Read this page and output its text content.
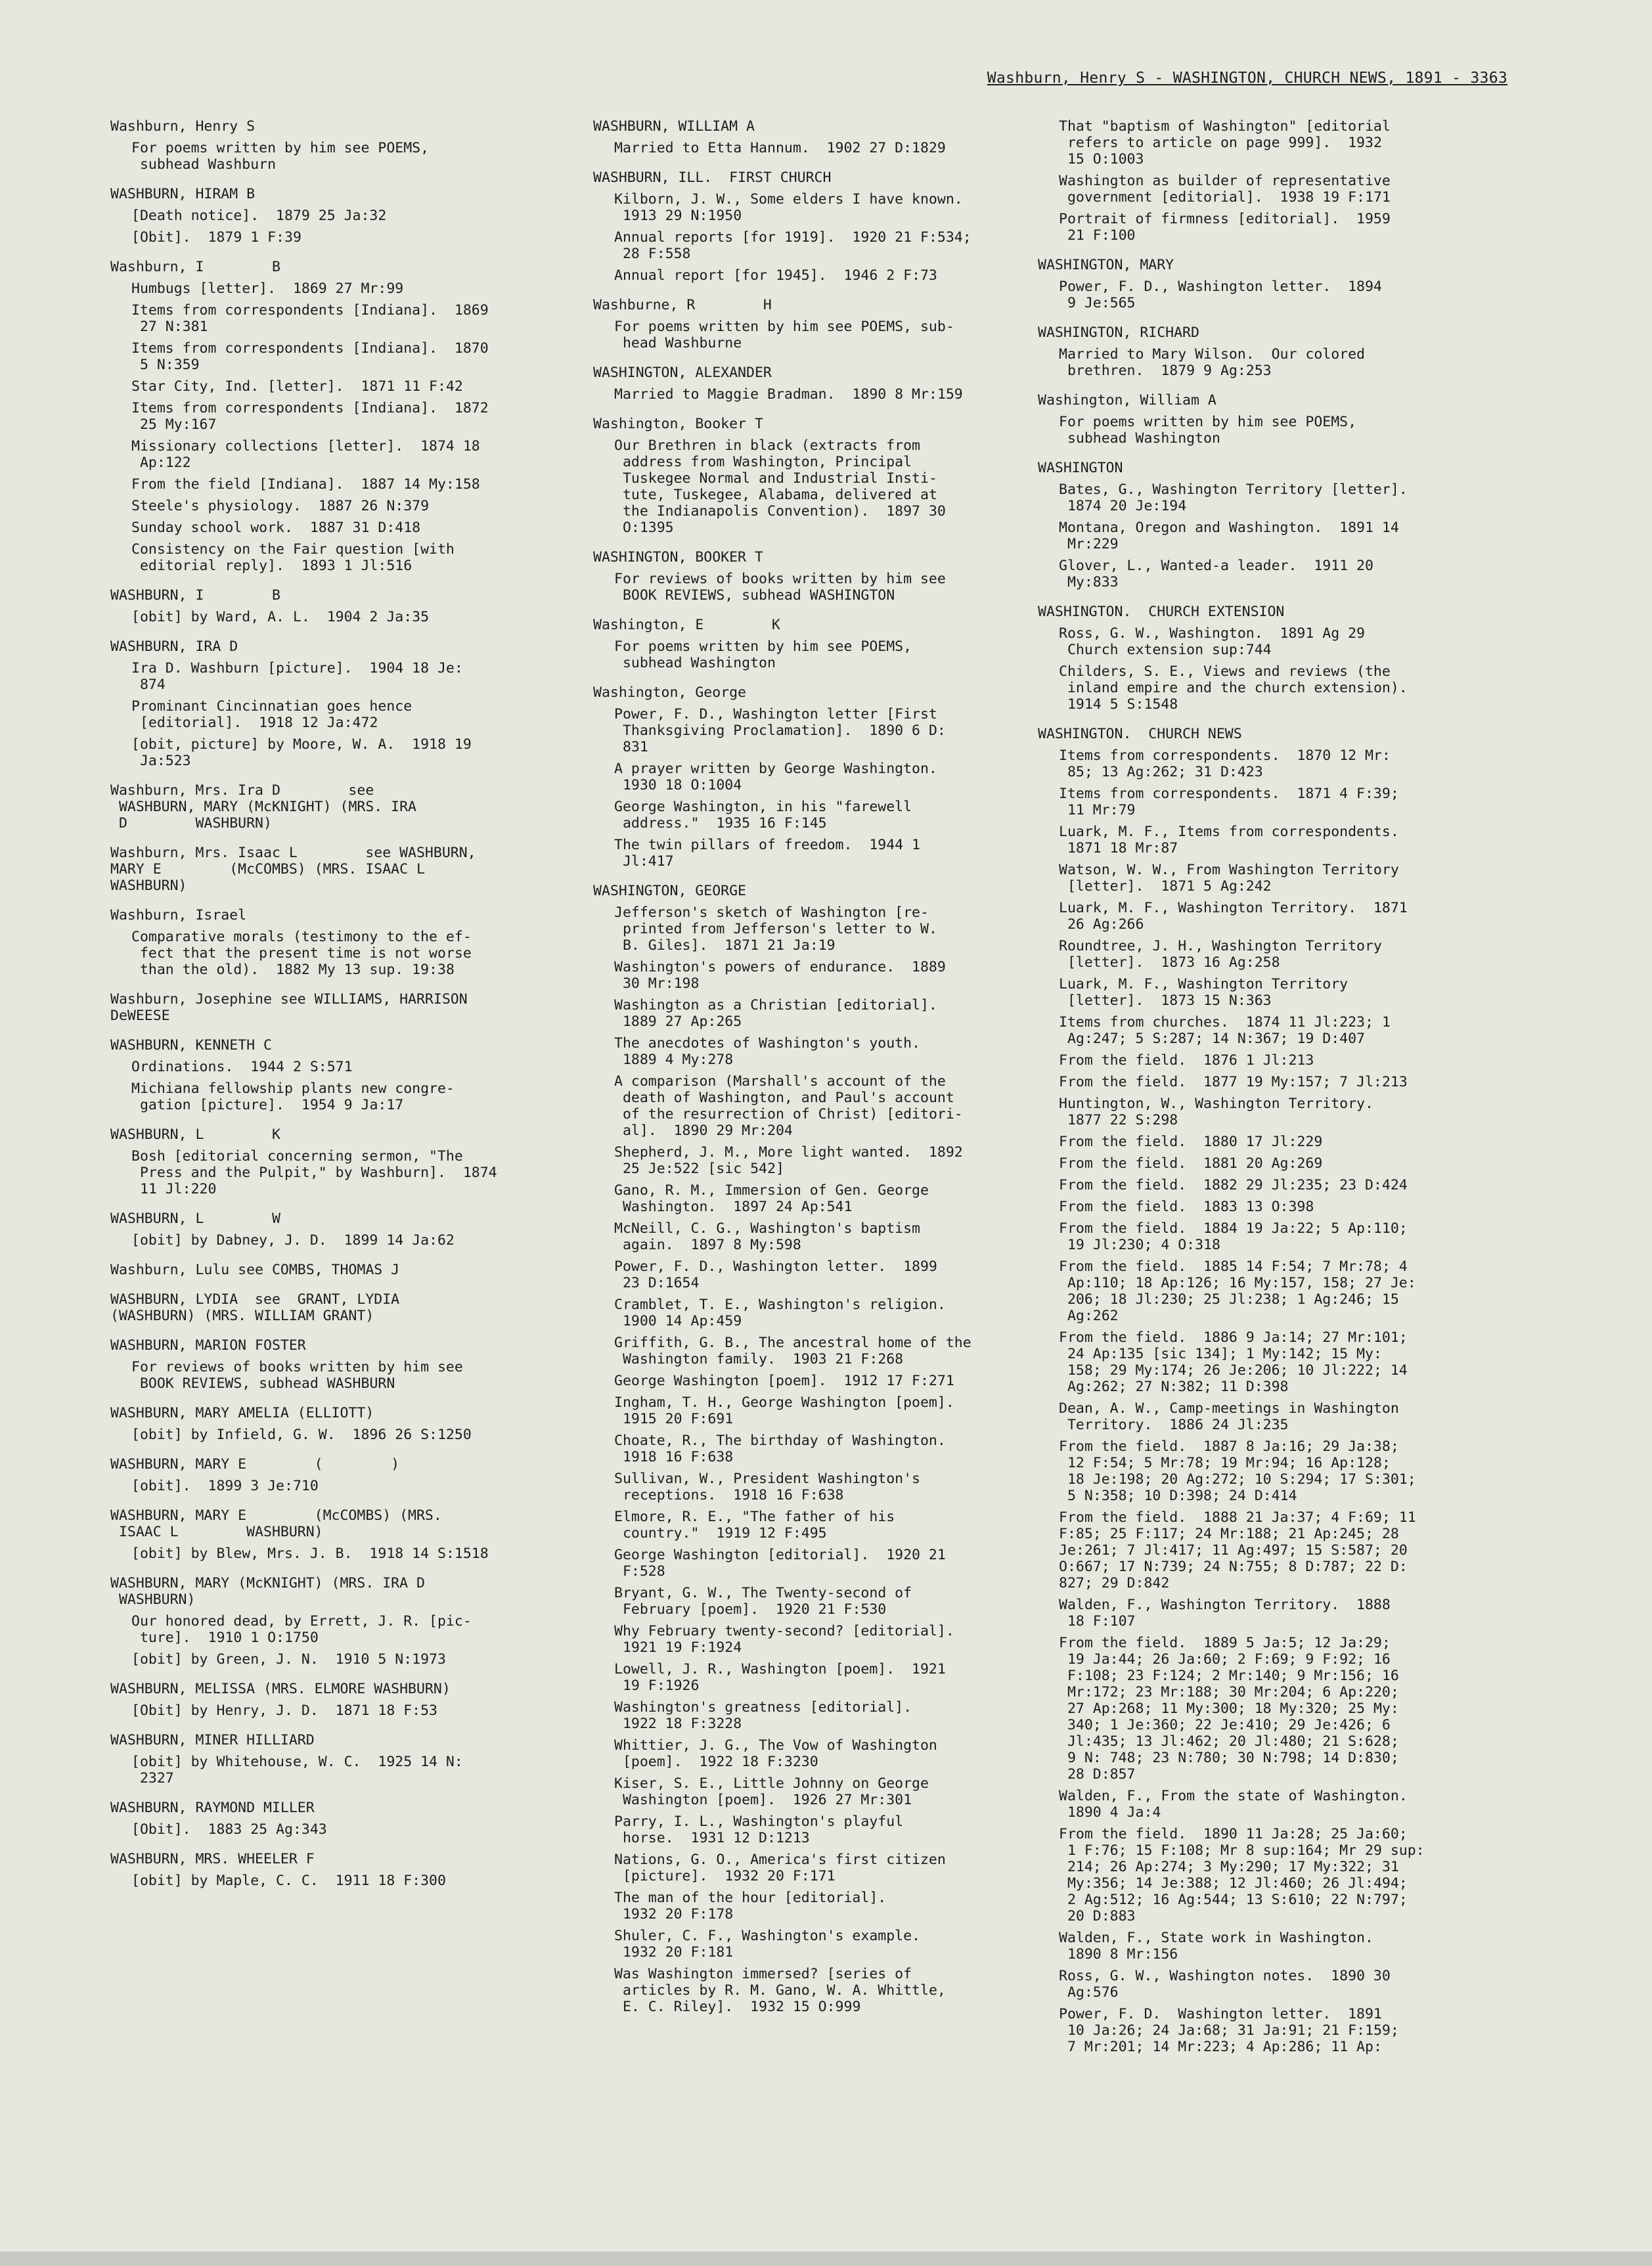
Washburn, Henry S - WASHINGTON, CHURCH NEWS, 1891 - 3363
Washburn, Henry S
For poems written by him see POEMS,
subhead Washburn
WASHBURN, HIRAM B
[Death notice].  1879 25 Ja:32
[Obit].  1879 1 F:39
Washburn, I        B
Humbugs [letter].  1869 27 Mr:99
Items from correspondents [Indiana].  1869
27 N:381
Items from correspondents [Indiana].  1870
5 N:359
Star City, Ind. [letter].  1871 11 F:42
Items from correspondents [Indiana].  1872
25 My:167
Missionary collections [letter].  1874 18
Ap:122
From the field [Indiana].  1887 14 My:158
Steele's physiology.  1887 26 N:379
Sunday school work.  1887 31 D:418
Consistency on the Fair question [with
editorial reply].  1893 1 Jl:516
WASHBURN, I        B
[obit] by Ward, A. L.  1904 2 Ja:35
WASHBURN, IRA D
Ira D. Washburn [picture].  1904 18 Je:
874
Prominant Cincinnatian goes hence
[editorial].  1918 12 Ja:472
[obit, picture] by Moore, W. A.  1918 19
Ja:523
Washburn, Mrs. Ira D        see
WASHBURN, MARY (McKNIGHT) (MRS. IRA
D        WASHBURN)
Washburn, Mrs. Isaac L        see WASHBURN,
MARY E        (McCOMBS) (MRS. ISAAC L
WASHBURN)
Washburn, Israel
Comparative morals (testimony to the ef-
fect that the present time is not worse
than the old).  1882 My 13 sup. 19:38
Washburn, Josephine see WILLIAMS, HARRISON
DeWEESE
WASHBURN, KENNETH C
Ordinations.  1944 2 S:571
Michiana fellowship plants new congre-
gation [picture].  1954 9 Ja:17
WASHBURN, L        K
Bosh [editorial concerning sermon, "The
Press and the Pulpit," by Washburn].  1874
11 Jl:220
WASHBURN, L        W
[obit] by Dabney, J. D.  1899 14 Ja:62
Washburn, Lulu see COMBS, THOMAS J
WASHBURN, LYDIA  see  GRANT, LYDIA
(WASHBURN) (MRS. WILLIAM GRANT)
WASHBURN, MARION FOSTER
For reviews of books written by him see
BOOK REVIEWS, subhead WASHBURN
WASHBURN, MARY AMELIA (ELLIOTT)
[obit] by Infield, G. W.  1896 26 S:1250
WASHBURN, MARY E        (        )
[obit].  1899 3 Je:710
WASHBURN, MARY E        (McCOMBS) (MRS.
ISAAC L        WASHBURN)
[obit] by Blew, Mrs. J. B.  1918 14 S:1518
WASHBURN, MARY (McKNIGHT) (MRS. IRA D
WASHBURN)
Our honored dead, by Errett, J. R. [pic-
ture].  1910 1 O:1750
[obit] by Green, J. N.  1910 5 N:1973
WASHBURN, MELISSA (MRS. ELMORE WASHBURN)
[Obit] by Henry, J. D.  1871 18 F:53
WASHBURN, MINER HILLIARD
[obit] by Whitehouse, W. C.  1925 14 N:
2327
WASHBURN, RAYMOND MILLER
[Obit].  1883 25 Ag:343
WASHBURN, MRS. WHEELER F
[obit] by Maple, C. C.  1911 18 F:300
WASHBURN, WILLIAM A
Married to Etta Hannum.  1902 27 D:1829
WASHBURN, ILL.  FIRST CHURCH
Kilborn, J. W., Some elders I have known.
1913 29 N:1950
Annual reports [for 1919].  1920 21 F:534;
28 F:558
Annual report [for 1945].  1946 2 F:73
Washburne, R        H
For poems written by him see POEMS, sub-
head Washburne
WASHINGTON, ALEXANDER
Married to Maggie Bradman.  1890 8 Mr:159
Washington, Booker T
Our Brethren in black (extracts from
address from Washington, Principal
Tuskegee Normal and Industrial Insti-
tute, Tuskegee, Alabama, delivered at
the Indianapolis Convention).  1897 30
O:1395
WASHINGTON, BOOKER T
For reviews of books written by him see
BOOK REVIEWS, subhead WASHINGTON
Washington, E        K
For poems written by him see POEMS,
subhead Washington
Washington, George
Power, F. D., Washington letter [First
Thanksgiving Proclamation].  1890 6 D:
831
A prayer written by George Washington.
1930 18 O:1004
George Washington, in his "farewell
address."  1935 16 F:145
The twin pillars of freedom.  1944 1
Jl:417
WASHINGTON, GEORGE
Jefferson's sketch of Washington [re-
printed from Jefferson's letter to W.
B. Giles].  1871 21 Ja:19
Washington's powers of endurance.  1889
30 Mr:198
Washington as a Christian [editorial].
1889 27 Ap:265
The anecdotes of Washington's youth.
1889 4 My:278
A comparison (Marshall's account of the
death of Washington, and Paul's account
of the resurrection of Christ) [editori-
al].  1890 29 Mr:204
Shepherd, J. M., More light wanted.  1892
25 Je:522 [sic 542]
Gano, R. M., Immersion of Gen. George
Washington.  1897 24 Ap:541
McNeill, C. G., Washington's baptism
again.  1897 8 My:598
Power, F. D., Washington letter.  1899
23 D:1654
Cramblet, T. E., Washington's religion.
1900 14 Ap:459
Griffith, G. B., The ancestral home of the
Washington family.  1903 21 F:268
George Washington [poem].  1912 17 F:271
Ingham, T. H., George Washington [poem].
1915 20 F:691
Choate, R., The birthday of Washington.
1918 16 F:638
Sullivan, W., President Washington's
receptions.  1918 16 F:638
Elmore, R. E., "The father of his
country."  1919 12 F:495
George Washington [editorial].  1920 21
F:528
Bryant, G. W., The Twenty-second of
February [poem].  1920 21 F:530
Why February twenty-second? [editorial].
1921 19 F:1924
Lowell, J. R., Washington [poem].  1921
19 F:1926
Washington's greatness [editorial].
1922 18 F:3228
Whittier, J. G., The Vow of Washington
[poem].  1922 18 F:3230
Kiser, S. E., Little Johnny on George
Washington [poem].  1926 27 Mr:301
Parry, I. L., Washington's playful
horse.  1931 12 D:1213
Nations, G. O., America's first citizen
[picture].  1932 20 F:171
The man of the hour [editorial].
1932 20 F:178
Shuler, C. F., Washington's example.
1932 20 F:181
Was Washington immersed? [series of
articles by R. M. Gano, W. A. Whittle,
E. C. Riley].  1932 15 O:999
That "baptism of Washington" [editorial
refers to article on page 999].  1932
15 O:1003
Washington as builder of representative
government [editorial].  1938 19 F:171
Portrait of firmness [editorial].  1959
21 F:100
WASHINGTON, MARY
Power, F. D., Washington letter.  1894
9 Je:565
WASHINGTON, RICHARD
Married to Mary Wilson.  Our colored
brethren.  1879 9 Ag:253
Washington, William A
For poems written by him see POEMS,
subhead Washington
WASHINGTON
Bates, G., Washington Territory [letter].
1874 20 Je:194
Montana, Oregon and Washington.  1891 14
Mr:229
Glover, L., Wanted-a leader.  1911 20
My:833
WASHINGTON.  CHURCH EXTENSION
Ross, G. W., Washington.  1891 Ag 29
Church extension sup:744
Childers, S. E., Views and reviews (the
inland empire and the church extension).
1914 5 S:1548
WASHINGTON.  CHURCH NEWS
Items from correspondents.  1870 12 Mr:
85; 13 Ag:262; 31 D:423
Items from correspondents.  1871 4 F:39;
11 Mr:79
Luark, M. F., Items from correspondents.
1871 18 Mr:87
Watson, W. W., From Washington Territory
[letter].  1871 5 Ag:242
Luark, M. F., Washington Territory.  1871
26 Ag:266
Roundtree, J. H., Washington Territory
[letter].  1873 16 Ag:258
Luark, M. F., Washington Territory
[letter].  1873 15 N:363
Items from churches.  1874 11 Jl:223; 1
Ag:247; 5 S:287; 14 N:367; 19 D:407
From the field.  1876 1 Jl:213
From the field.  1877 19 My:157; 7 Jl:213
Huntington, W., Washington Territory.
1877 22 S:298
From the field.  1880 17 Jl:229
From the field.  1881 20 Ag:269
From the field.  1882 29 Jl:235; 23 D:424
From the field.  1883 13 O:398
From the field.  1884 19 Ja:22; 5 Ap:110;
19 Jl:230; 4 O:318
From the field.  1885 14 F:54; 7 Mr:78; 4
Ap:110; 18 Ap:126; 16 My:157, 158; 27 Je:
206; 18 Jl:230; 25 Jl:238; 1 Ag:246; 15
Ag:262
From the field.  1886 9 Ja:14; 27 Mr:101;
24 Ap:135 [sic 134]; 1 My:142; 15 My:
158; 29 My:174; 26 Je:206; 10 Jl:222; 14
Ag:262; 27 N:382; 11 D:398
Dean, A. W., Camp-meetings in Washington
Territory.  1886 24 Jl:235
From the field.  1887 8 Ja:16; 29 Ja:38;
12 F:54; 5 Mr:78; 19 Mr:94; 16 Ap:128;
18 Je:198; 20 Ag:272; 10 S:294; 17 S:301;
5 N:358; 10 D:398; 24 D:414
From the field.  1888 21 Ja:37; 4 F:69; 11
F:85; 25 F:117; 24 Mr:188; 21 Ap:245; 28
Je:261; 7 Jl:417; 11 Ag:497; 15 S:587; 20
O:667; 17 N:739; 24 N:755; 8 D:787; 22 D:
827; 29 D:842
Walden, F., Washington Territory.  1888
18 F:107
From the field.  1889 5 Ja:5; 12 Ja:29;
19 Ja:44; 26 Ja:60; 2 F:69; 9 F:92; 16
F:108; 23 F:124; 2 Mr:140; 9 Mr:156; 16
Mr:172; 23 Mr:188; 30 Mr:204; 6 Ap:220;
27 Ap:268; 11 My:300; 18 My:320; 25 My:
340; 1 Je:360; 22 Je:410; 29 Je:426; 6
Jl:435; 13 Jl:462; 20 Jl:480; 21 S:628;
9 N: 748; 23 N:780; 30 N:798; 14 D:830;
28 D:857
Walden, F., From the state of Washington.
1890 4 Ja:4
From the field.  1890 11 Ja:28; 25 Ja:60;
1 F:76; 15 F:108; Mr 8 sup:164; Mr 29 sup:
214; 26 Ap:274; 3 My:290; 17 My:322; 31
My:356; 14 Je:388; 12 Jl:460; 26 Jl:494;
2 Ag:512; 16 Ag:544; 13 S:610; 22 N:797;
20 D:883
Walden, F., State work in Washington.
1890 8 Mr:156
Ross, G. W., Washington notes.  1890 30
Ag:576
Power, F. D.  Washington letter.  1891
10 Ja:26; 24 Ja:68; 31 Ja:91; 21 F:159;
7 Mr:201; 14 Mr:223; 4 Ap:286; 11 Ap:
